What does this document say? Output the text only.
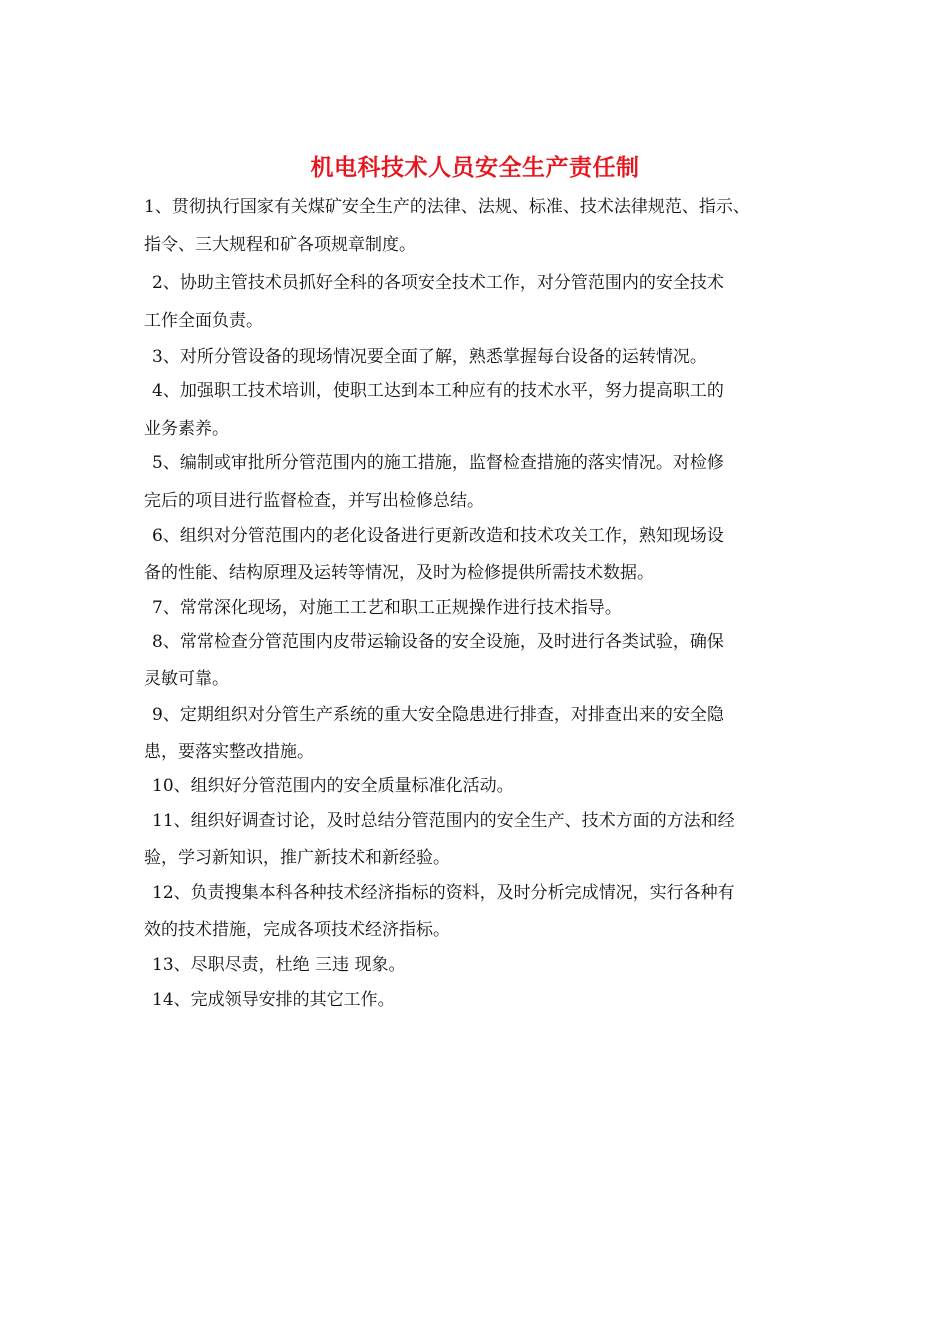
机电科技术人员安全生产责任制
1、贯彻执行国家有关煤矿安全生产的法律、法规、标准、技术法律规范、指示、
指令、三大规程和矿各项规章制度。
2、协助主管技术员抓好全科的各项安全技术工作，对分管范围内的安全技术
工作全面负责。
3、对所分管设备的现场情况要全面了解，熟悉掌握每台设备的运转情况。
4、加强职工技术培训，使职工达到本工种应有的技术水平，努力提高职工的
业务素养。
5、编制或审批所分管范围内的施工措施，监督检查措施的落实情况。对检修
完后的项目进行监督检查，并写出检修总结。
6、组织对分管范围内的老化设备进行更新改造和技术攻关工作，熟知现场设
备的性能、结构原理及运转等情况，及时为检修提供所需技术数据。
7、常常深化现场，对施工工艺和职工正规操作进行技术指导。
8、常常检查分管范围内皮带运输设备的安全设施，及时进行各类试验，确保
灵敏可靠。
9、定期组织对分管生产系统的重大安全隐患进行排查，对排查出来的安全隐
患，要落实整改措施。
10、组织好分管范围内的安全质量标准化活动。
11、组织好调查讨论，及时总结分管范围内的安全生产、技术方面的方法和经
验，学习新知识，推广新技术和新经验。
12、负责搜集本科各种技术经济指标的资料，及时分析完成情况，实行各种有
效的技术措施，完成各项技术经济指标。
13、尽职尽责，杜绝 三违 现象。
14、完成领导安排的其它工作。
